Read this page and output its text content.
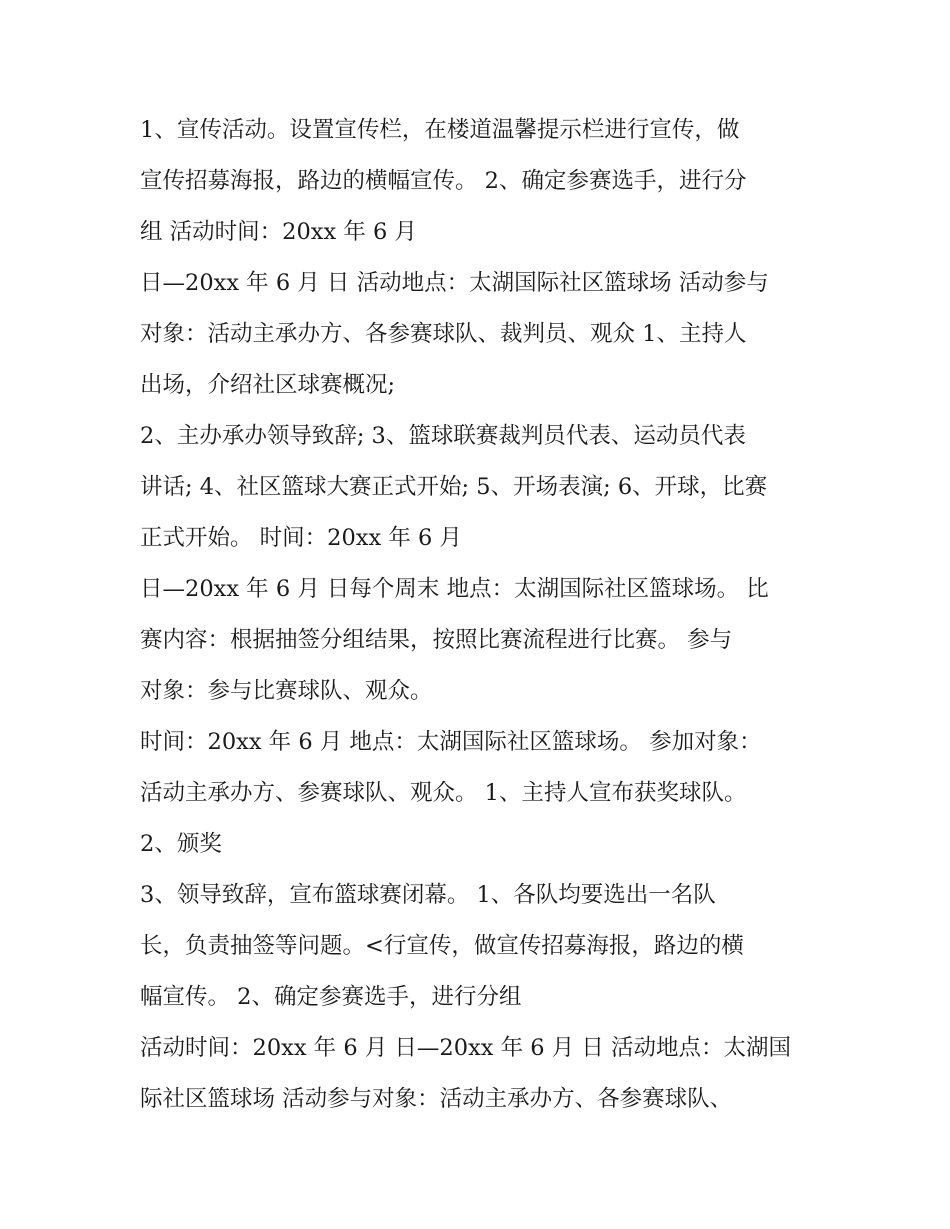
1、宣传活动。设置宣传栏，在楼道温馨提示栏进行宣传，做
宣传招募海报，路边的横幅宣传。 2、确定参赛选手，进行分
组 活动时间：20xx 年 6 月
日—20xx 年 6 月 日 活动地点：太湖国际社区篮球场 活动参与
对象：活动主承办方、各参赛球队、裁判员、观众 1、主持人
出场，介绍社区球赛概况;
2、主办承办领导致辞; 3、篮球联赛裁判员代表、运动员代表
讲话; 4、社区篮球大赛正式开始; 5、开场表演; 6、开球，比赛
正式开始。 时间：20xx 年 6 月
日—20xx 年 6 月 日每个周末 地点：太湖国际社区篮球场。 比
赛内容：根据抽签分组结果，按照比赛流程进行比赛。 参与
对象：参与比赛球队、观众。
时间：20xx 年 6 月 地点：太湖国际社区篮球场。 参加对象：
活动主承办方、参赛球队、观众。 1、主持人宣布获奖球队。
2、颁奖
3、领导致辞，宣布篮球赛闭幕。 1、各队均要选出一名队
长，负责抽签等问题。<行宣传，做宣传招募海报，路边的横
幅宣传。 2、确定参赛选手，进行分组
活动时间：20xx 年 6 月 日—20xx 年 6 月 日 活动地点：太湖国
际社区篮球场 活动参与对象：活动主承办方、各参赛球队、
